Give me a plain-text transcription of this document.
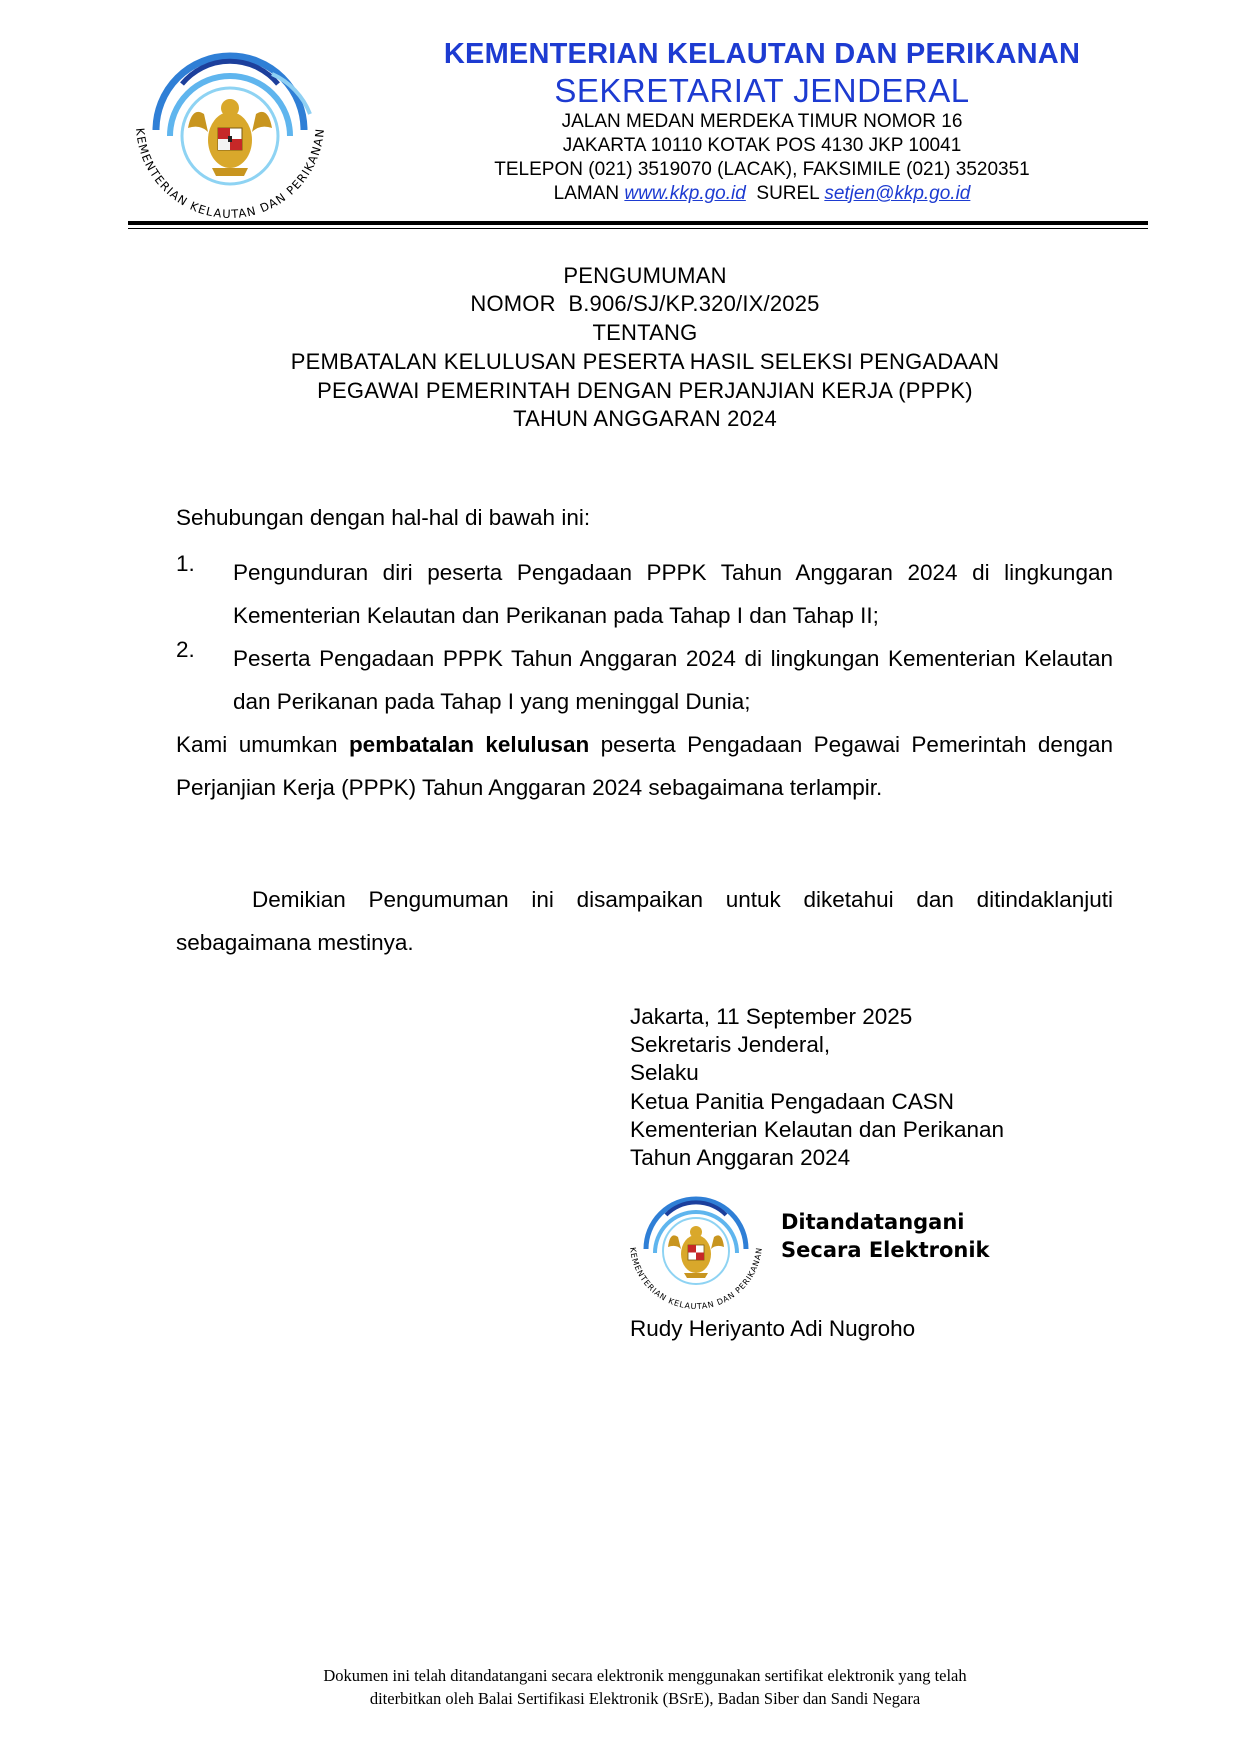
KEMENTERIAN KELAUTAN DAN PERIKANAN
KEMENTERIAN KELAUTAN DAN PERIKANAN
SEKRETARIAT JENDERAL
JALAN MEDAN MERDEKA TIMUR NOMOR 16
JAKARTA 10110 KOTAK POS 4130 JKP 10041
TELEPON (021) 3519070 (LACAK), FAKSIMILE (021) 3520351
LAMAN www.kkp.go.id SUREL setjen@kkp.go.id
PENGUMUMAN
NOMOR  B.906/SJ/KP.320/IX/2025
TENTANG
PEMBATALAN KELULUSAN PESERTA HASIL SELEKSI PENGADAAN
PEGAWAI PEMERINTAH DENGAN PERJANJIAN KERJA (PPPK)
TAHUN ANGGARAN 2024
Sehubungan dengan hal-hal di bawah ini:
1. Pengunduran diri peserta Pengadaan PPPK Tahun Anggaran 2024 di lingkungan Kementerian Kelautan dan Perikanan pada Tahap I dan Tahap II;
2. Peserta Pengadaan PPPK Tahun Anggaran 2024 di lingkungan Kementerian Kelautan dan Perikanan pada Tahap I yang meninggal Dunia;
Kami umumkan pembatalan kelulusan peserta Pengadaan Pegawai Pemerintah dengan Perjanjian Kerja (PPPK) Tahun Anggaran 2024 sebagaimana terlampir.
Demikian Pengumuman ini disampaikan untuk diketahui dan ditindaklanjuti sebagaimana mestinya.
Jakarta, 11 September 2025
Sekretaris Jenderal,
Selaku
Ketua Panitia Pengadaan CASN
Kementerian Kelautan dan Perikanan
Tahun Anggaran 2024
KEMENTERIAN KELAUTAN DAN PERIKANAN
Ditandatangani
Secara Elektronik
Rudy Heriyanto Adi Nugroho
Dokumen ini telah ditandatangani secara elektronik menggunakan sertifikat elektronik yang telah
diterbitkan oleh Balai Sertifikasi Elektronik (BSrE), Badan Siber dan Sandi Negara
